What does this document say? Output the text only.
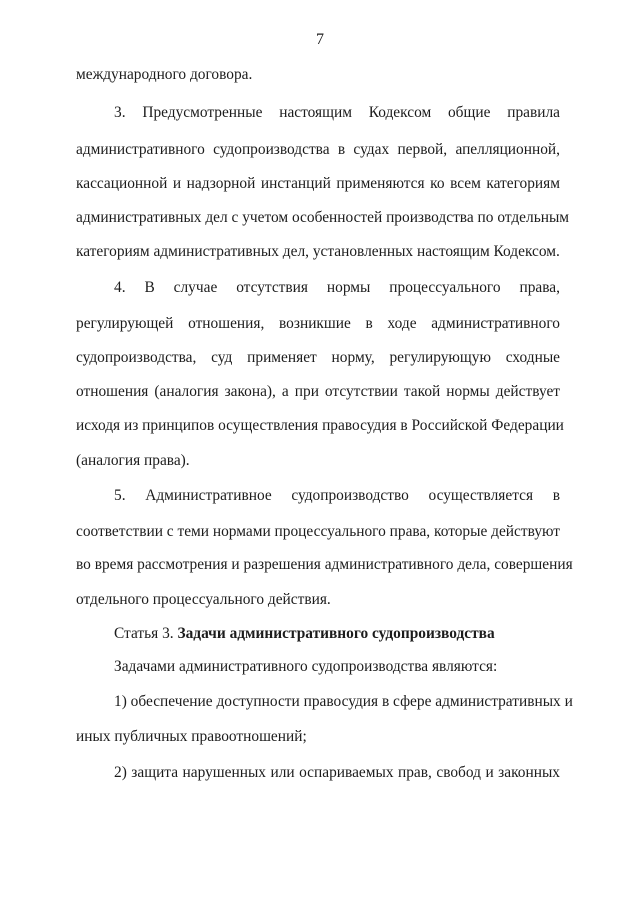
7
международного договора.
3. Предусмотренные настоящим Кодексом общие правила
административного судопроизводства в судах первой, апелляционной,
кассационной и надзорной инстанций применяются ко всем категориям
административных дел с учетом особенностей производства по отдельным
категориям административных дел, установленных настоящим Кодексом.
4. В случае отсутствия нормы процессуального права,
регулирующей отношения, возникшие в ходе административного
судопроизводства, суд применяет норму, регулирующую сходные
отношения (аналогия закона), а при отсутствии такой нормы действует
исходя из принципов осуществления правосудия в Российской Федерации
(аналогия права).
5. Административное судопроизводство осуществляется в
соответствии с теми нормами процессуального права, которые действуют
во время рассмотрения и разрешения административного дела, совершения
отдельного процессуального действия.
Статья 3. Задачи административного судопроизводства
Задачами административного судопроизводства являются:
1) обеспечение доступности правосудия в сфере административных и
иных публичных правоотношений;
2) защита нарушенных или оспариваемых прав, свобод и законных
